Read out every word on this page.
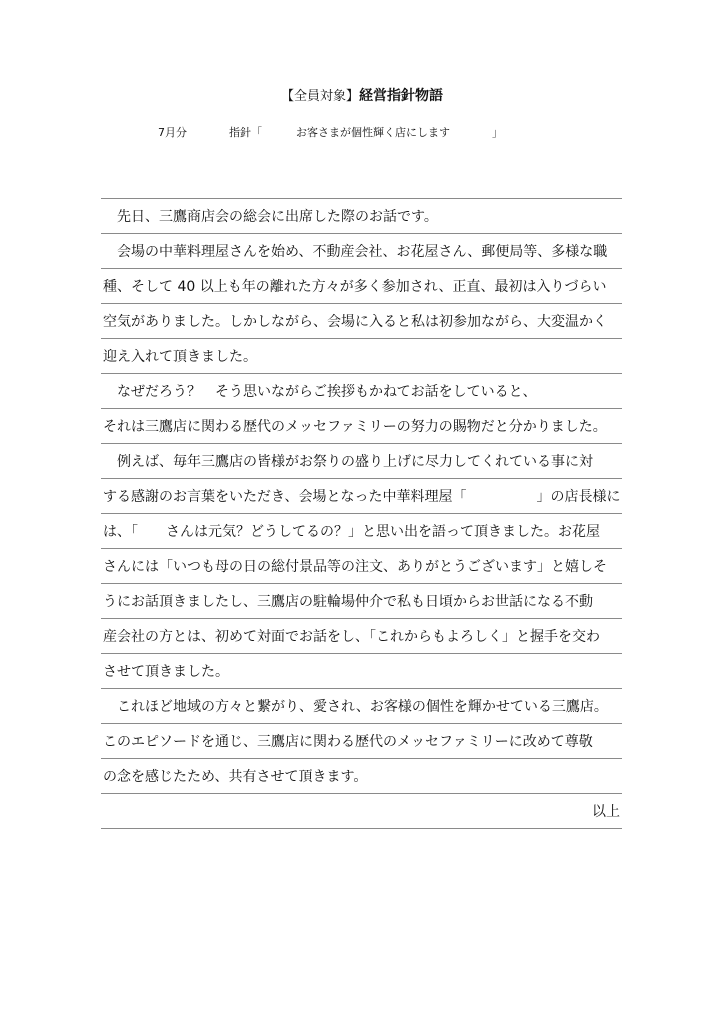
【全員対象】経営指針物語
7月分	指針「	お客さまが個性輝く店にします	」
先日、三鷹商店会の総会に出席した際のお話です。
会場の中華料理屋さんを始め、不動産会社、お花屋さん、郵便局等、多様な職
種、そして 40 以上も年の離れた方々が多く参加され、正直、最初は入りづらい
空気がありました。しかしながら、会場に入ると私は初参加ながら、大変温かく
迎え入れて頂きました。
なぜだろう？　そう思いながらご挨拶もかねてお話をしていると、
それは三鷹店に関わる歴代のメッセファミリーの努力の賜物だと分かりました。
例えば、毎年三鷹店の皆様がお祭りの盛り上げに尽力してくれている事に対
する感謝のお言葉をいただき、会場となった中華料理屋「　　　　　」の店長様に
は、「　　さんは元気？どうしてるの？」と思い出を語って頂きました。お花屋
さんには「いつも母の日の総付景品等の注文、ありがとうございます」と嬉しそ
うにお話頂きましたし、三鷹店の駐輪場仲介で私も日頃からお世話になる不動
産会社の方とは、初めて対面でお話をし、「これからもよろしく」と握手を交わ
させて頂きました。
これほど地域の方々と繋がり、愛され、お客様の個性を輝かせている三鷹店。
このエピソードを通じ、三鷹店に関わる歴代のメッセファミリーに改めて尊敬
の念を感じたため、共有させて頂きます。
以上
